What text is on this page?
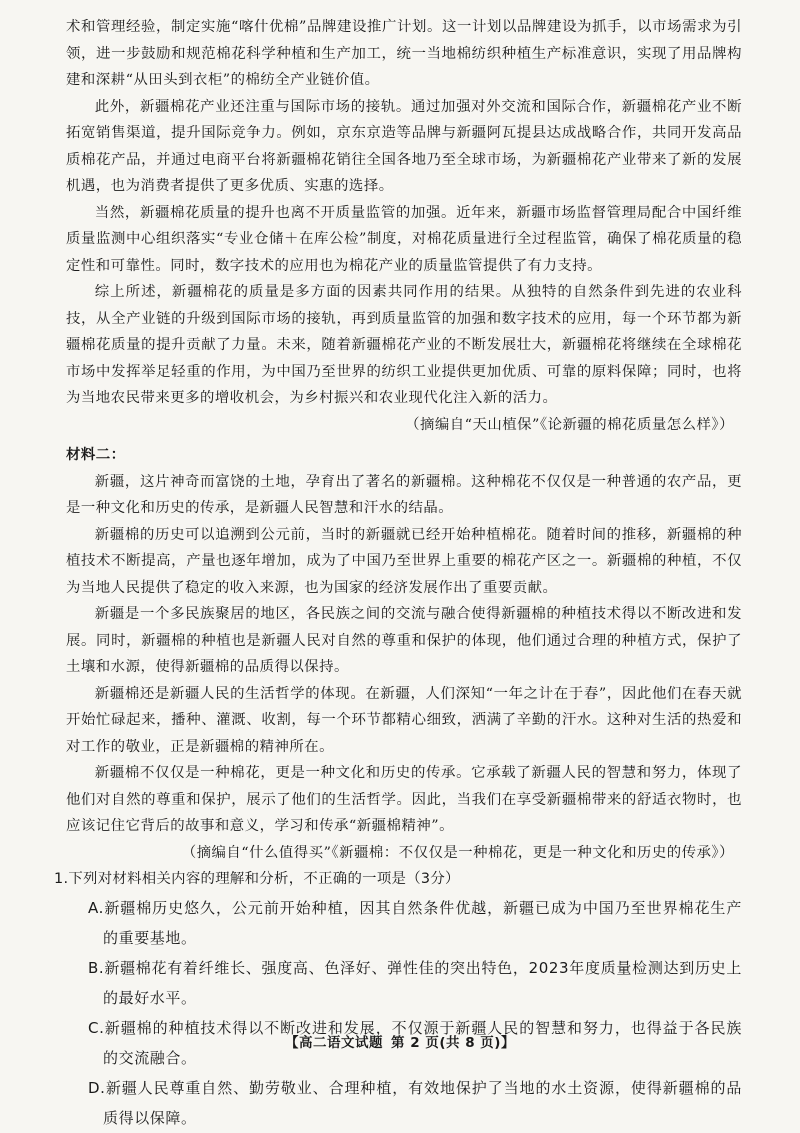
术和管理经验，制定实施“喀什优棉”品牌建设推广计划。这一计划以品牌建设为抓手，以市场需求为引领，进一步鼓励和规范棉花科学种植和生产加工，统一当地棉纺织种植生产标准意识，实现了用品牌构建和深耕“从田头到衣柜”的棉纺全产业链价值。

此外，新疆棉花产业还注重与国际市场的接轨。通过加强对外交流和国际合作，新疆棉花产业不断拓宽销售渠道，提升国际竞争力。例如，京东京造等品牌与新疆阿瓦提县达成战略合作，共同开发高品质棉花产品，并通过电商平台将新疆棉花销往全国各地乃至全球市场，为新疆棉花产业带来了新的发展机遇，也为消费者提供了更多优质、实惠的选择。

当然，新疆棉花质量的提升也离不开质量监管的加强。近年来，新疆市场监督管理局配合中国纤维质量监测中心组织落实“专业仓储＋在库公检”制度，对棉花质量进行全过程监管，确保了棉花质量的稳定性和可靠性。同时，数字技术的应用也为棉花产业的质量监管提供了有力支持。

综上所述，新疆棉花的质量是多方面的因素共同作用的结果。从独特的自然条件到先进的农业科技，从全产业链的升级到国际市场的接轨，再到质量监管的加强和数字技术的应用，每一个环节都为新疆棉花质量的提升贡献了力量。未来，随着新疆棉花产业的不断发展壮大，新疆棉花将继续在全球棉花市场中发挥举足轻重的作用，为中国乃至世界的纺织工业提供更加优质、可靠的原料保障；同时，也将为当地农民带来更多的增收机会，为乡村振兴和农业现代化注入新的活力。

（摘编自“天山植保”《论新疆的棉花质量怎么样》）

材料二：

新疆，这片神奇而富饶的土地，孕育出了著名的新疆棉。这种棉花不仅仅是一种普通的农产品，更是一种文化和历史的传承，是新疆人民智慧和汗水的结晶。

新疆棉的历史可以追溯到公元前，当时的新疆就已经开始种植棉花。随着时间的推移，新疆棉的种植技术不断提高，产量也逐年增加，成为了中国乃至世界上重要的棉花产区之一。新疆棉的种植，不仅为当地人民提供了稳定的收入来源，也为国家的经济发展作出了重要贡献。

新疆是一个多民族聚居的地区，各民族之间的交流与融合使得新疆棉的种植技术得以不断改进和发展。同时，新疆棉的种植也是新疆人民对自然的尊重和保护的体现，他们通过合理的种植方式，保护了土壤和水源，使得新疆棉的品质得以保持。

新疆棉还是新疆人民的生活哲学的体现。在新疆，人们深知“一年之计在于春”，因此他们在春天就开始忙碌起来，播种、灌溉、收割，每一个环节都精心细致，洒满了辛勤的汗水。这种对生活的热爱和对工作的敬业，正是新疆棉的精神所在。

新疆棉不仅仅是一种棉花，更是一种文化和历史的传承。它承载了新疆人民的智慧和努力，体现了他们对自然的尊重和保护，展示了他们的生活哲学。因此，当我们在享受新疆棉带来的舒适衣物时，也应该记住它背后的故事和意义，学习和传承“新疆棉精神”。

（摘编自“什么值得买”《新疆棉：不仅仅是一种棉花，更是一种文化和历史的传承》）

1.下列对材料相关内容的理解和分析，不正确的一项是（3分）

A.新疆棉历史悠久，公元前开始种植，因其自然条件优越，新疆已成为中国乃至世界棉花生产的重要基地。
B.新疆棉花有着纤维长、强度高、色泽好、弹性佳的突出特色，2023年度质量检测达到历史上的最好水平。
C.新疆棉的种植技术得以不断改进和发展，不仅源于新疆人民的智慧和努力，也得益于各民族的交流融合。
D.新疆人民尊重自然、勤劳敬业、合理种植，有效地保护了当地的水土资源，使得新疆棉的品质得以保障。
【高二语文试题 第 2 页(共 8 页)】
